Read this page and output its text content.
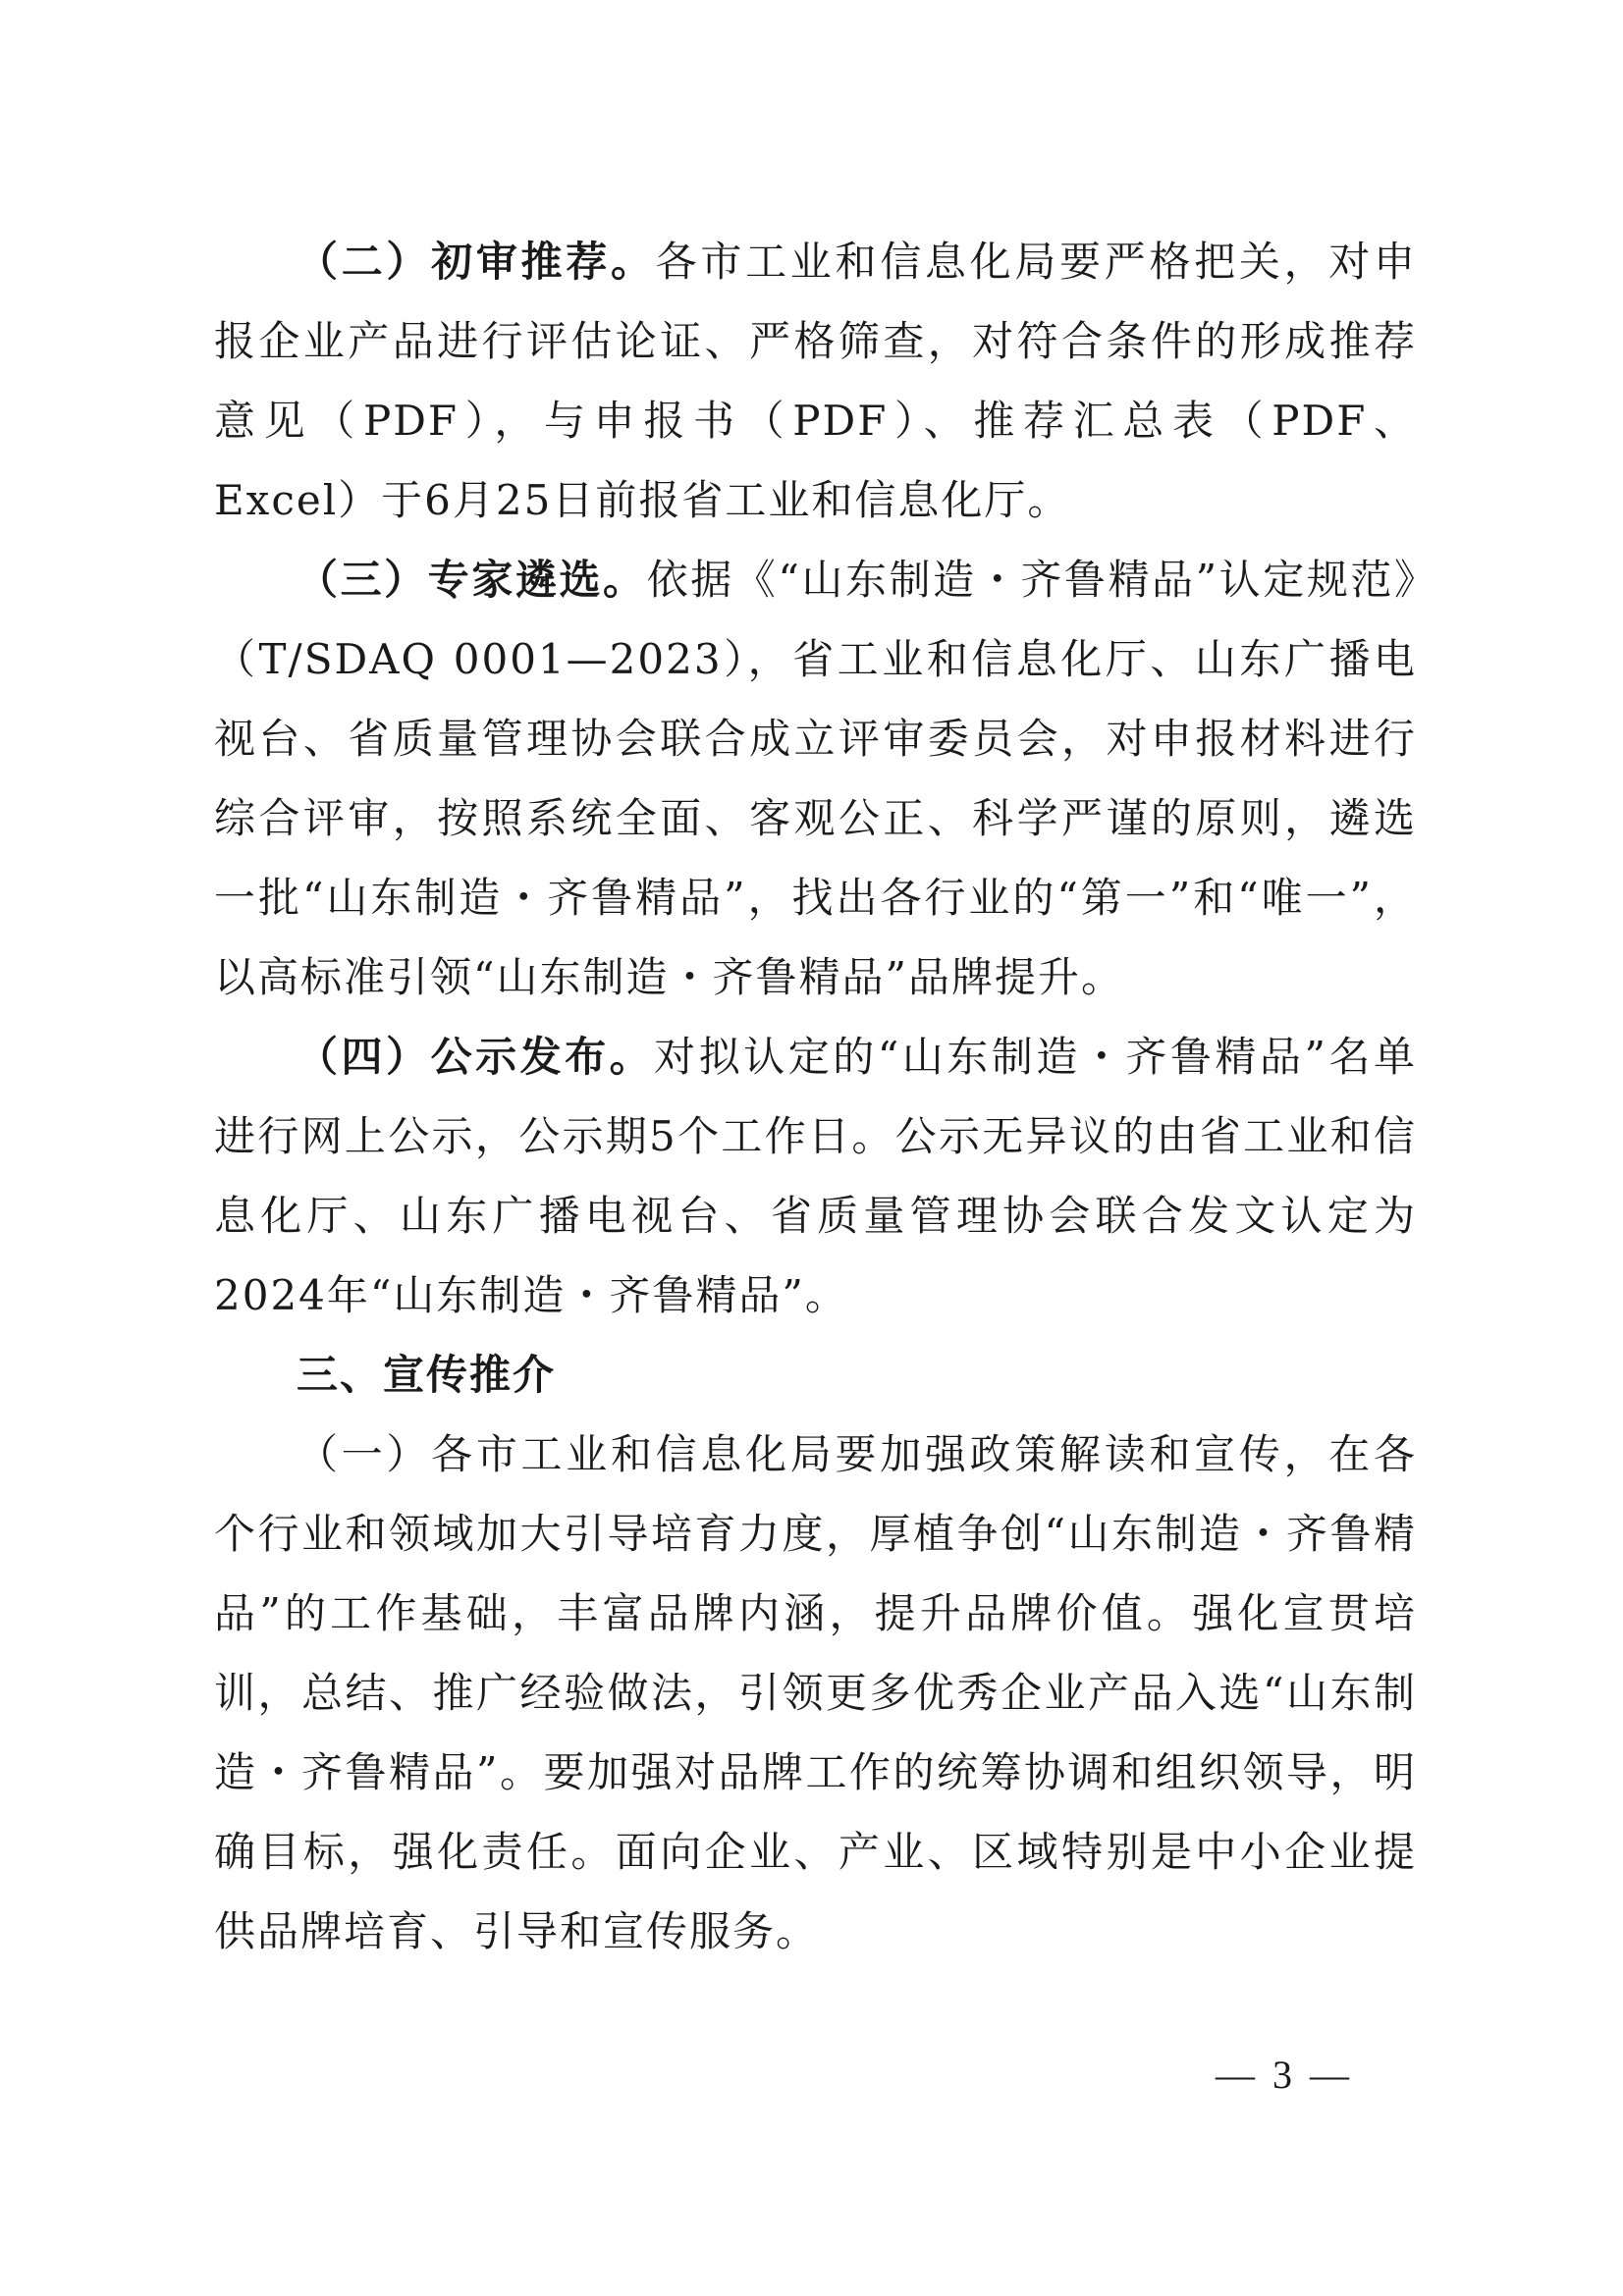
（二）初审推荐。各市工业和信息化局要严格把关，对申报企业产品进行评估论证、严格筛查，对符合条件的形成推荐意见（PDF），与申报书（PDF）、推荐汇总表（PDF、Excel）于6月25日前报省工业和信息化厅。

（三）专家遴选。依据《“山东制造・齐鲁精品”认定规范》（T/SDAQ 0001—2023），省工业和信息化厅、山东广播电视台、省质量管理协会联合成立评审委员会，对申报材料进行综合评审，按照系统全面、客观公正、科学严谨的原则，遴选一批“山东制造・齐鲁精品”，找出各行业的“第一”和“唯一”，以高标准引领“山东制造・齐鲁精品”品牌提升。

（四）公示发布。对拟认定的“山东制造・齐鲁精品”名单进行网上公示，公示期5个工作日。公示无异议的由省工业和信息化厅、山东广播电视台、省质量管理协会联合发文认定为2024年“山东制造・齐鲁精品”。

三、宣传推介

（一）各市工业和信息化局要加强政策解读和宣传，在各个行业和领域加大引导培育力度，厚植争创“山东制造・齐鲁精品”的工作基础，丰富品牌内涵，提升品牌价值。强化宣贯培训，总结、推广经验做法，引领更多优秀企业产品入选“山东制造・齐鲁精品”。要加强对品牌工作的统筹协调和组织领导，明确目标，强化责任。面向企业、产业、区域特别是中小企业提供品牌培育、引导和宣传服务。

— 3 —
